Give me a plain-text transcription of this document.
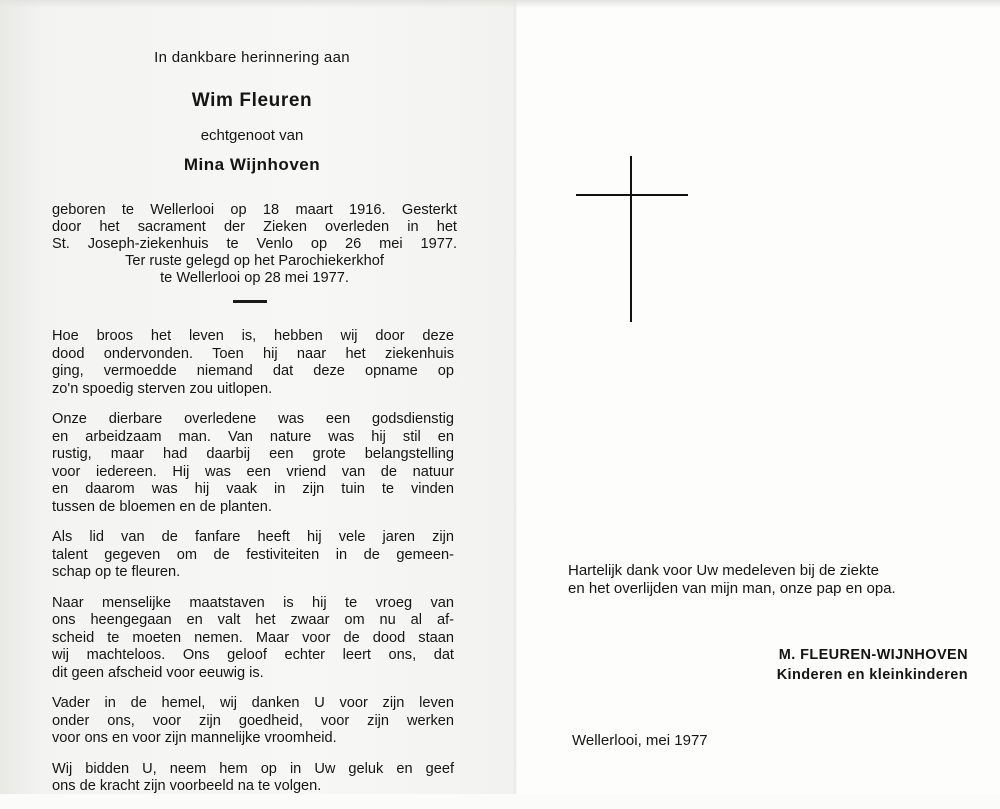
In dankbare herinnering aan
Wim Fleuren
echtgenoot van
Mina Wijnhoven
geboren te Wellerlooi op 18 maart 1916. Gesterkt
door het sacrament der Zieken overleden in het
St. Joseph-ziekenhuis te Venlo op 26 mei 1977.
Ter ruste gelegd op het Parochiekerkhof
te Wellerlooi op 28 mei 1977.

Hoe broos het leven is, hebben wij door deze
dood ondervonden. Toen hij naar het ziekenhuis
ging, vermoedde niemand dat deze opname op
zo'n spoedig sterven zou uitlopen.

Onze dierbare overledene was een godsdienstig
en arbeidzaam man. Van nature was hij stil en
rustig, maar had daarbij een grote belangstelling
voor iedereen. Hij was een vriend van de natuur
en daarom was hij vaak in zijn tuin te vinden
tussen de bloemen en de planten.

Als lid van de fanfare heeft hij vele jaren zijn
talent gegeven om de festiviteiten in de gemeen-
schap op te fleuren.

Naar menselijke maatstaven is hij te vroeg van
ons heengegaan en valt het zwaar om nu al af-
scheid te moeten nemen. Maar voor de dood staan
wij machteloos. Ons geloof echter leert ons, dat
dit geen afscheid voor eeuwig is.

Vader in de hemel, wij danken U voor zijn leven
onder ons, voor zijn goedheid, voor zijn werken
voor ons en voor zijn mannelijke vroomheid.

Wij bidden U, neem hem op in Uw geluk en geef
ons de kracht zijn voorbeeld na te volgen.

Hartelijk dank voor Uw medeleven bij de ziekte
en het overlijden van mijn man, onze pap en opa.
M. FLEUREN-WIJNHOVEN
Kinderen en kleinkinderen
Wellerlooi, mei 1977
